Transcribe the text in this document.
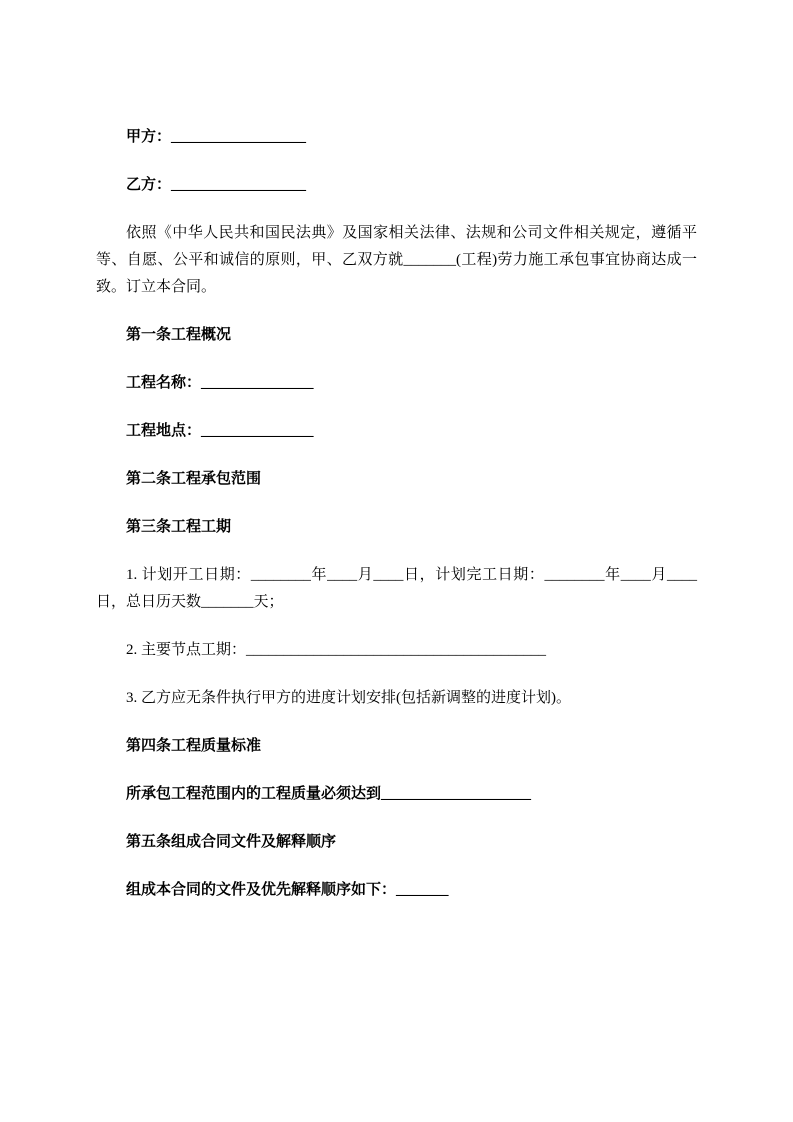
甲方：__________________

乙方：__________________

依照《中华人民共和国民法典》及国家相关法律、法规和公司文件相关规定，遵循平等、自愿、公平和诚信的原则，甲、乙双方就_______(工程)劳力施工承包事宜协商达成一致。订立本合同。

第一条工程概况

工程名称：_______________

工程地点：_______________

第二条工程承包范围

第三条工程工期

1. 计划开工日期：________年____月____日，计划完工日期：________年____月____日，总日历天数_______天；

2. 主要节点工期：________________________________________

3. 乙方应无条件执行甲方的进度计划安排(包括新调整的进度计划)。

第四条工程质量标准

所承包工程范围内的工程质量必须达到____________________

第五条组成合同文件及解释顺序

组成本合同的文件及优先解释顺序如下：_______
